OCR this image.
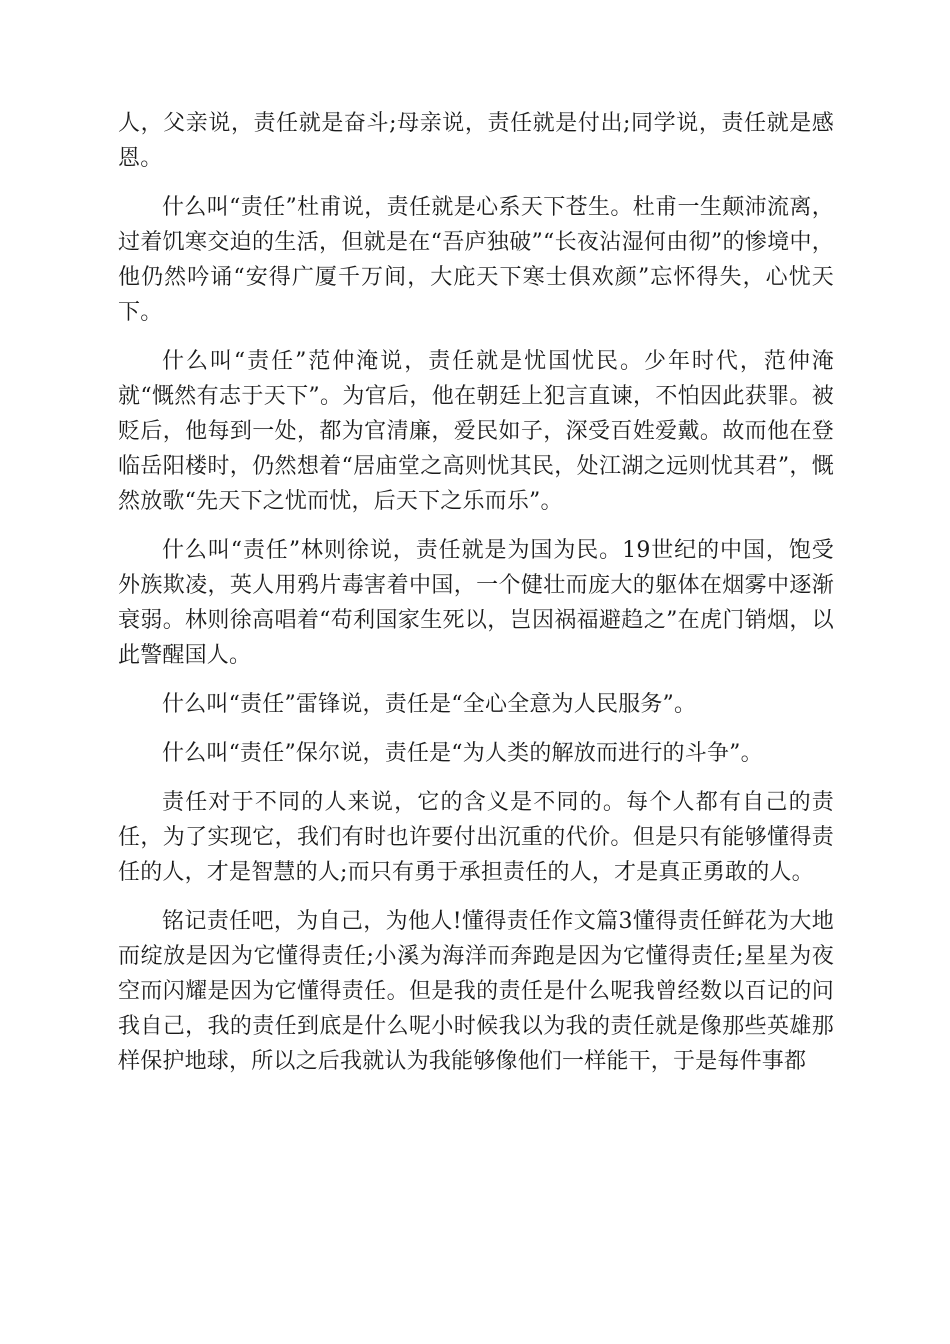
人，父亲说，责任就是奋斗;母亲说，责任就是付出;同学说，责任就是感恩。

什么叫“责任”杜甫说，责任就是心系天下苍生。杜甫一生颠沛流离，过着饥寒交迫的生活，但就是在“吾庐独破”“长夜沾湿何由彻”的惨境中，他仍然吟诵“安得广厦千万间，大庇天下寒士俱欢颜”忘怀得失，心忧天下。

什么叫“责任”范仲淹说，责任就是忧国忧民。少年时代，范仲淹就“慨然有志于天下”。为官后，他在朝廷上犯言直谏，不怕因此获罪。被贬后，他每到一处，都为官清廉，爱民如子，深受百姓爱戴。故而他在登临岳阳楼时，仍然想着“居庙堂之高则忧其民，处江湖之远则忧其君”，慨然放歌“先天下之忧而忧，后天下之乐而乐”。

什么叫“责任”林则徐说，责任就是为国为民。19世纪的中国，饱受外族欺凌，英人用鸦片毒害着中国，一个健壮而庞大的躯体在烟雾中逐渐衰弱。林则徐高唱着“苟利国家生死以，岂因祸福避趋之”在虎门销烟，以此警醒国人。

什么叫“责任”雷锋说，责任是“全心全意为人民服务”。

什么叫“责任”保尔说，责任是“为人类的解放而进行的斗争”。

责任对于不同的人来说，它的含义是不同的。每个人都有自己的责任，为了实现它，我们有时也许要付出沉重的代价。但是只有能够懂得责任的人，才是智慧的人;而只有勇于承担责任的人，才是真正勇敢的人。

铭记责任吧，为自己，为他人!懂得责任作文篇3懂得责任鲜花为大地而绽放是因为它懂得责任;小溪为海洋而奔跑是因为它懂得责任;星星为夜空而闪耀是因为它懂得责任。但是我的责任是什么呢我曾经数以百记的问我自己，我的责任到底是什么呢小时候我以为我的责任就是像那些英雄那样保护地球，所以之后我就认为我能够像他们一样能干，于是每件事都
